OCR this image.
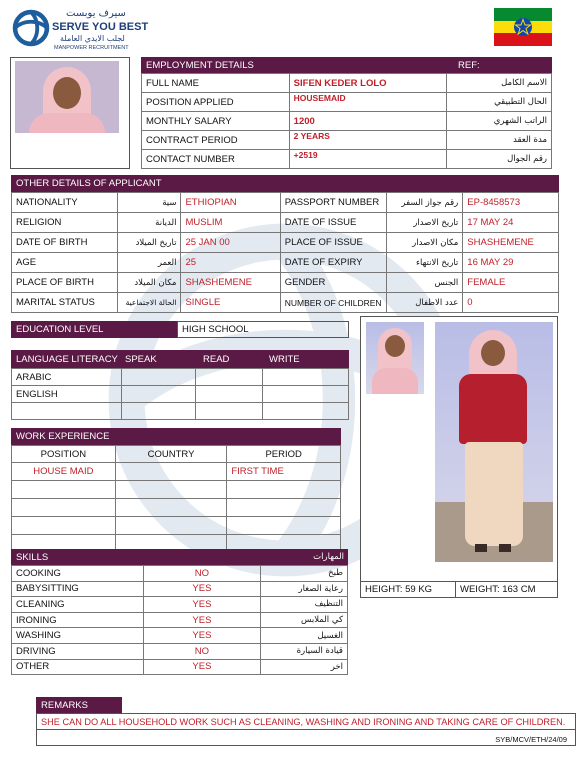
سيرف يوبست
SERVE YOU BEST
لجلب الايدي العاملة
MANPOWER RECRUITMENT
EMPLOYMENT DETAILS	REF:
FULL NAME	SIFEN KEDER LOLO	الاسم الكامل
POSITION APPLIED	HOUSEMAID	الحال التطبيقي
MONTHLY SALARY	1200	الراتب الشهري
CONTRACT PERIOD	2 YEARS	مدة العقد
CONTACT NUMBER	+2519	رقم الجوال
OTHER DETAILS OF APPLICANT
NATIONALITY	سية	ETHIOPIAN	PASSPORT NUMBER	رقم جواز السفر	EP-8458573
RELIGION	الديانة	MUSLIM	DATE OF ISSUE	تاريخ الاصدار	17 MAY 24
DATE OF BIRTH	تاريخ الميلاد	25 JAN 00	PLACE OF ISSUE	مكان الاصدار	SHASHEMENE
AGE	العمر	25	DATE OF EXPIRY	تاريخ الانتهاء	16 MAY 29
PLACE OF BIRTH	مكان الميلاد	SHASHEMENE	GENDER	الجنس	FEMALE
MARITAL STATUS	الحالة الاجتماعية	SINGLE	NUMBER OF CHILDREN	عدد الاطفال	0
EDUCATION LEVEL	HIGH SCHOOL
LANGUAGE LITERACY SPEAK	READ	WRITE
ARABIC			
ENGLISH			

WORK EXPERIENCE
POSITION	COUNTRY	PERIOD
HOUSE MAID		FIRST TIME

HEIGHT: 59 KG	WEIGHT: 163 CM
SKILLS	المهارات
COOKING	NO	طبخ
BABYSITTING	YES	رعاية الصغار
CLEANING	YES	التنظيف
IRONING	YES	كي الملابس
WASHING	YES	الغسيل
DRIVING	NO	قيادة السيارة
OTHER	YES	اخر
REMARKS
SHE CAN DO ALL HOUSEHOLD WORK SUCH AS CLEANING, WASHING AND IRONING AND TAKING CARE OF CHILDREN.
SYB/MCV/ETH/24/09
